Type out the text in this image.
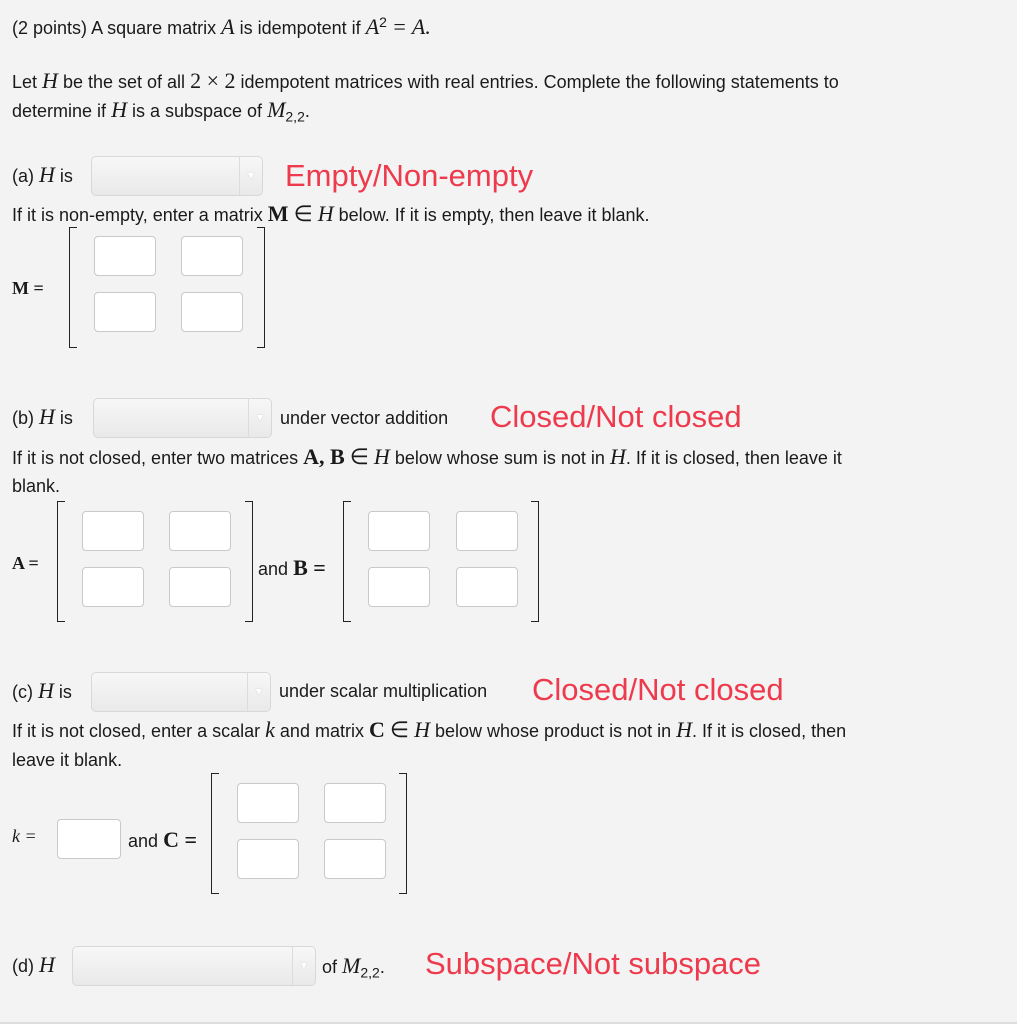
(2 points) A square matrix A is idempotent if $A^2 = A$.
Let H be the set of all 2 × 2 idempotent matrices with real entries. Complete the following statements to
determine if H is a subspace of $M_{2,2}$.
(a) H is	▼ Empty/Non-empty
If it is non-empty, enter a matrix M ∈ H below. If it is empty, then leave it blank.
M =
(b) H is	▼ under vector addition Closed/Not closed
If it is not closed, enter two matrices A, B ∈ H below whose sum is not in H. If it is closed, then leave it
blank.
A =	and B =
(c) H is	▼ under scalar multiplication Closed/Not closed
If it is not closed, enter a scalar k and matrix C ∈ H below whose product is not in H. If it is closed, then
leave it blank.
k =	and C =
(d) H	▼ of $M_{2,2}$. Subspace/Not subspace
